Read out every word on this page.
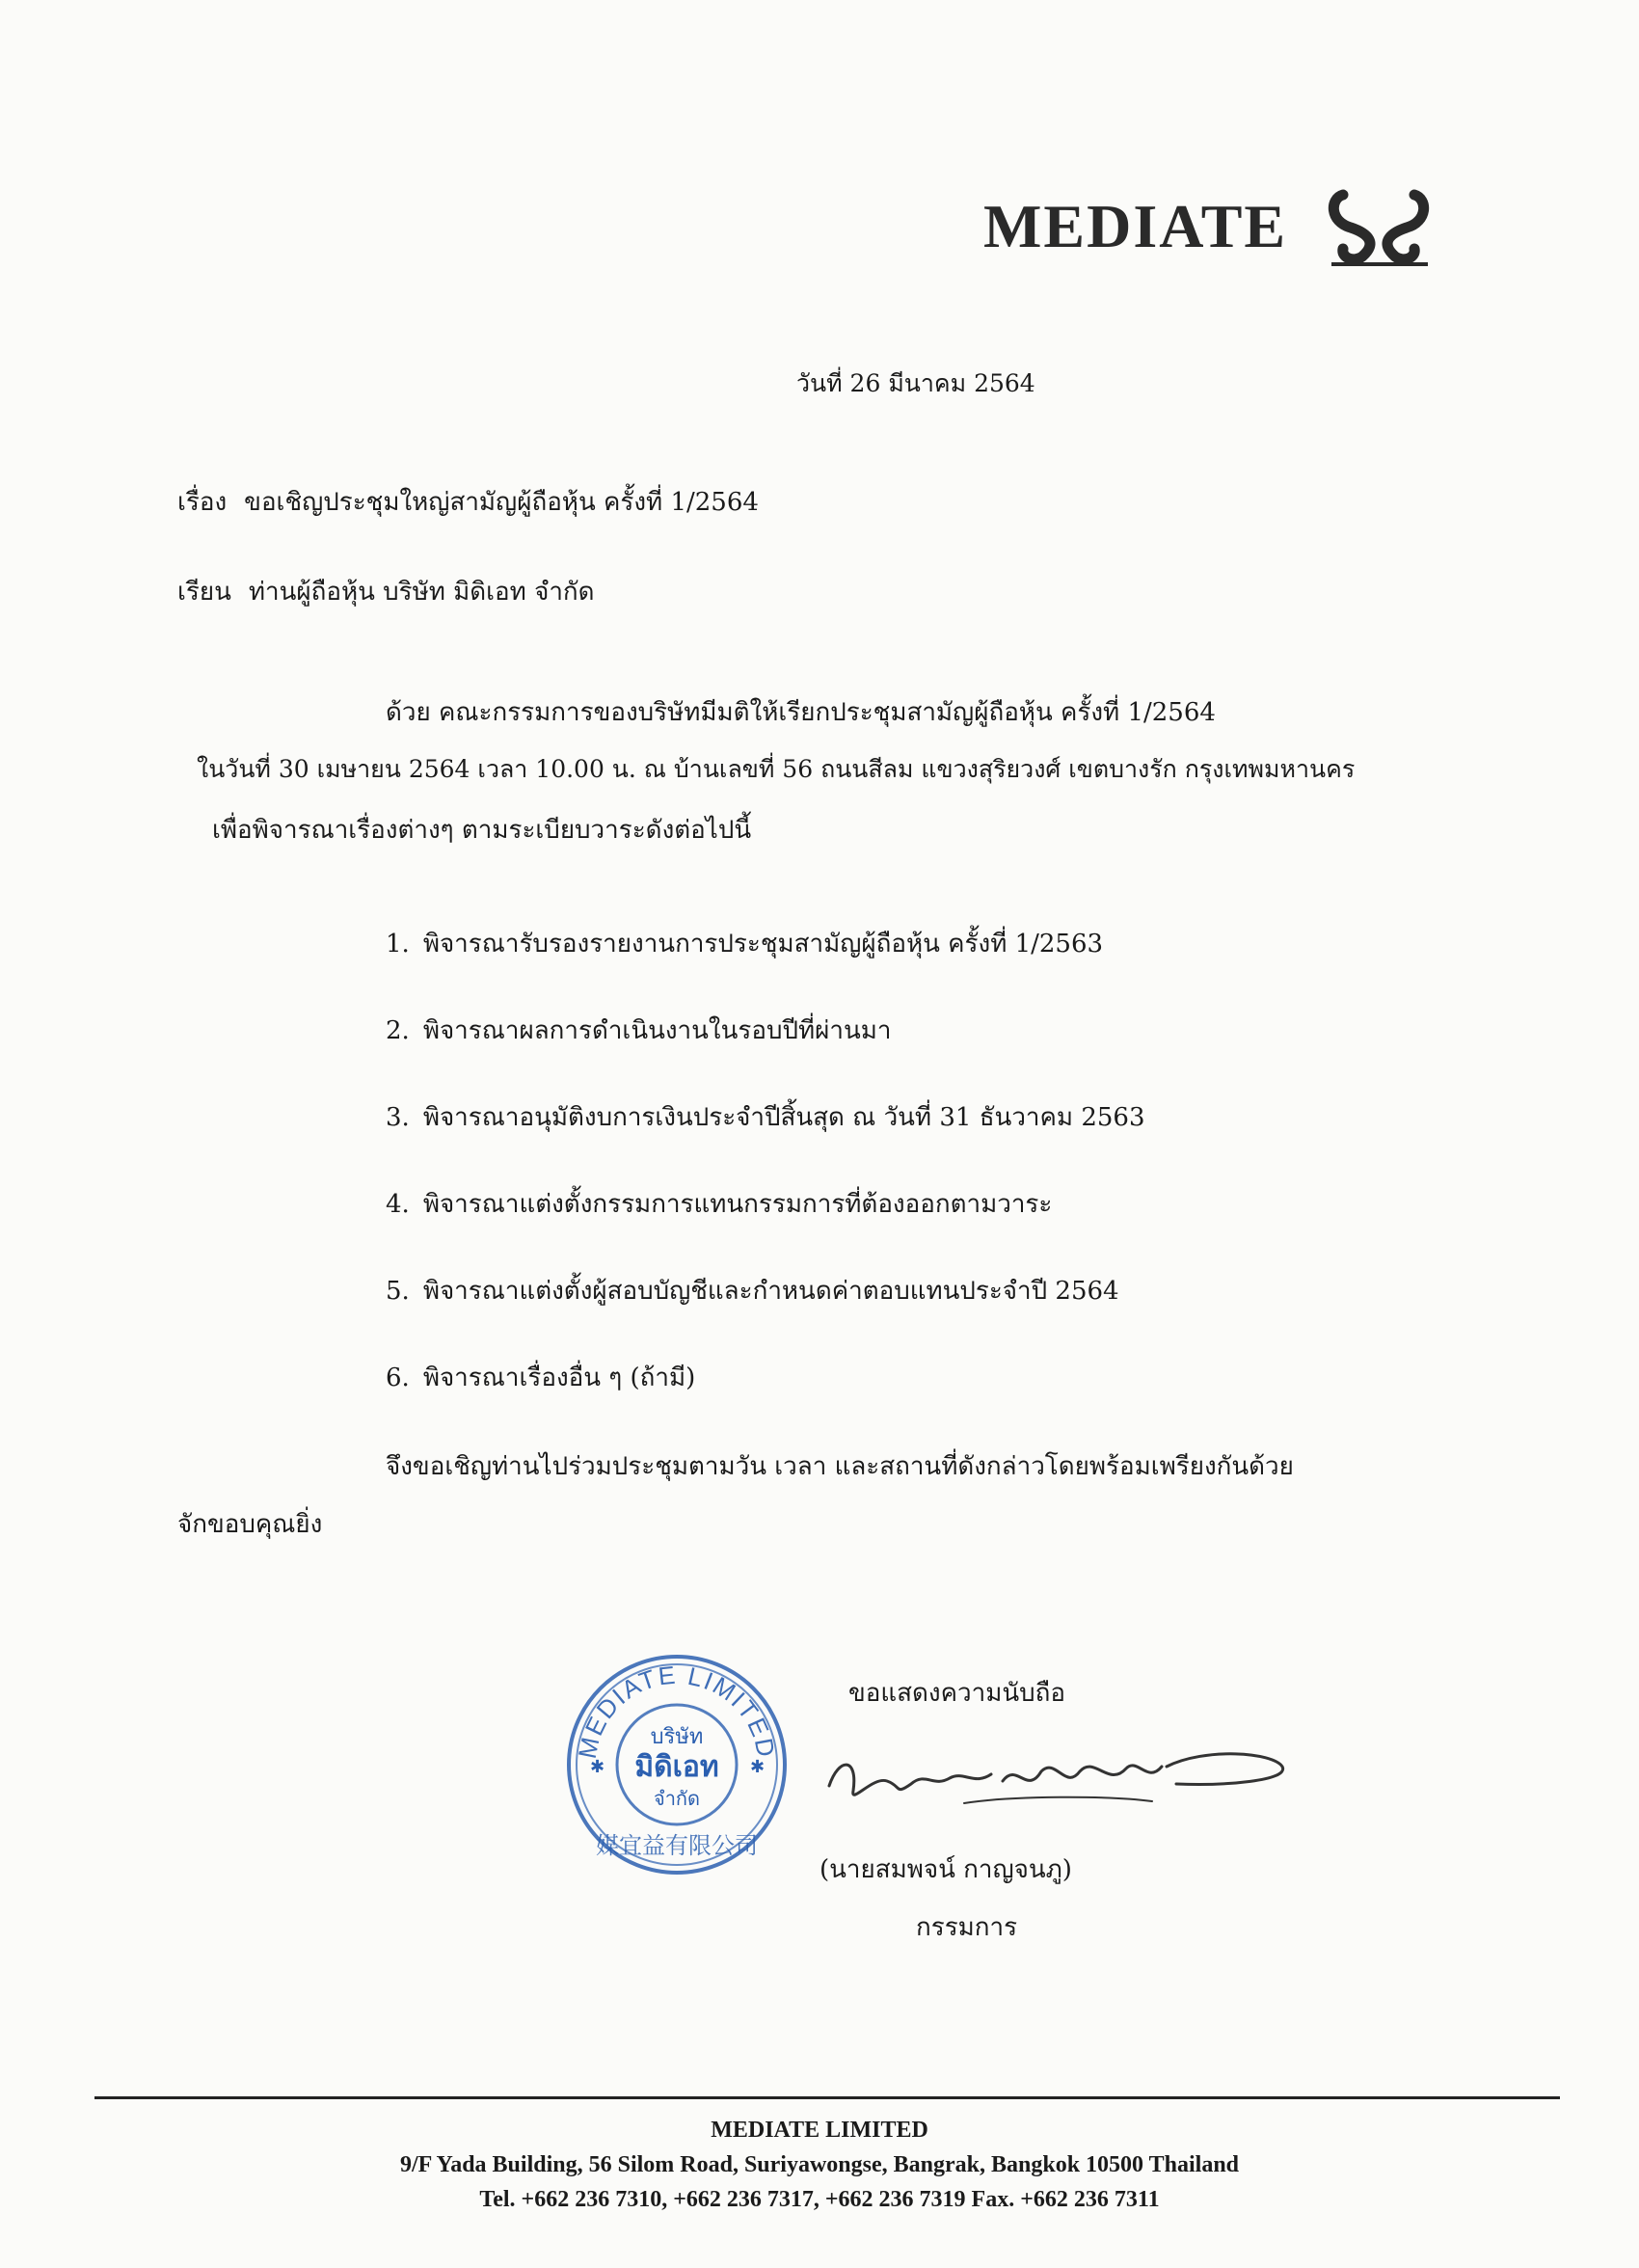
MEDIATE
วันที่ 26 มีนาคม 2564
เรื่อง ขอเชิญประชุมใหญ่สามัญผู้ถือหุ้น ครั้งที่ 1/2564
เรียน ท่านผู้ถือหุ้น บริษัท มิดิเอท จำกัด
ด้วย คณะกรรมการของบริษัทมีมติให้เรียกประชุมสามัญผู้ถือหุ้น ครั้งที่ 1/2564
ในวันที่ 30 เมษายน 2564 เวลา 10.00 น. ณ บ้านเลขที่ 56 ถนนสีลม แขวงสุริยวงศ์ เขตบางรัก กรุงเทพมหานคร
เพื่อพิจารณาเรื่องต่างๆ ตามระเบียบวาระดังต่อไปนี้
1. พิจารณารับรองรายงานการประชุมสามัญผู้ถือหุ้น ครั้งที่ 1/2563
2. พิจารณาผลการดำเนินงานในรอบปีที่ผ่านมา
3. พิจารณาอนุมัติงบการเงินประจำปีสิ้นสุด ณ วันที่ 31 ธันวาคม 2563
4. พิจารณาแต่งตั้งกรรมการแทนกรรมการที่ต้องออกตามวาระ
5. พิจารณาแต่งตั้งผู้สอบบัญชีและกำหนดค่าตอบแทนประจำปี 2564
6. พิจารณาเรื่องอื่น ๆ (ถ้ามี)
จึงขอเชิญท่านไปร่วมประชุมตามวัน เวลา และสถานที่ดังกล่าวโดยพร้อมเพรียงกันด้วย
จักขอบคุณยิ่ง
MEDIATE LIMITED
บริษัท
มิดิเอท
จำกัด
媒宜益有限公司
✱	✱
ขอแสดงความนับถือ
(นายสมพจน์ กาญจนภู)
กรรมการ
MEDIATE LIMITED
9/F Yada Building, 56 Silom Road, Suriyawongse, Bangrak, Bangkok 10500 Thailand
Tel. +662 236 7310, +662 236 7317, +662 236 7319 Fax. +662 236 7311
